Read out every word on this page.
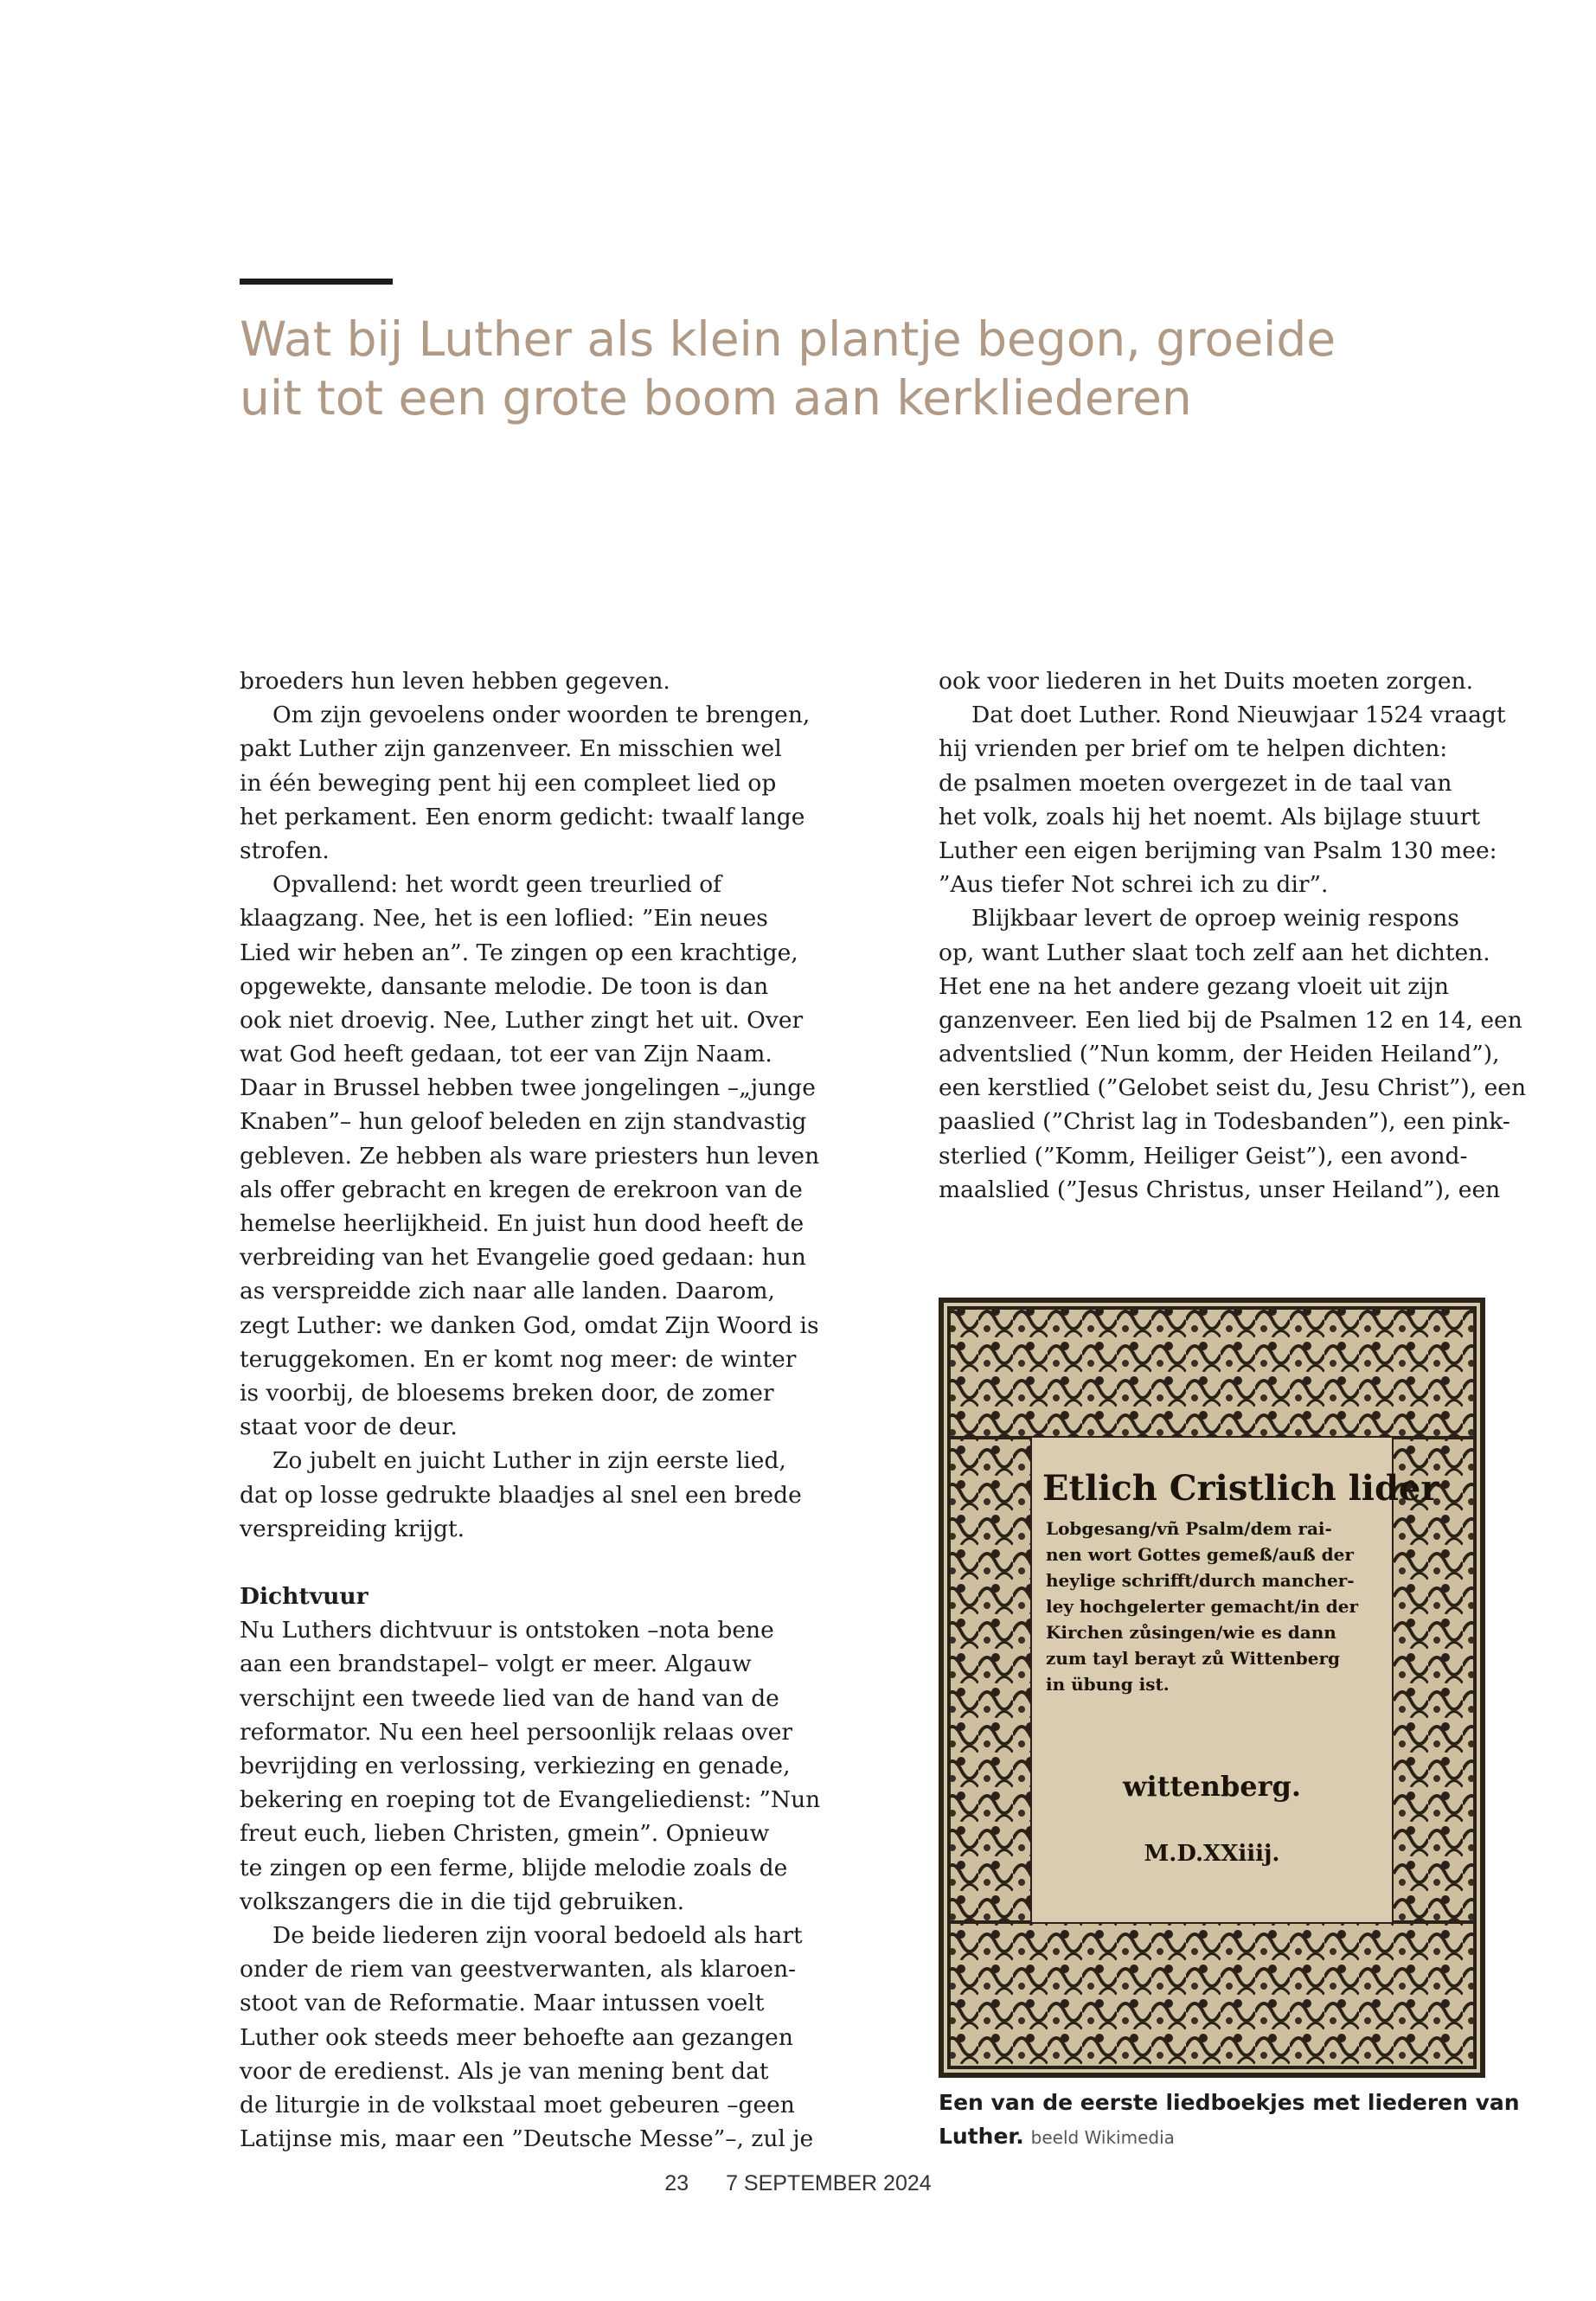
Wat bij Luther als klein plantje begon, groeide
uit tot een grote boom aan kerkliederen
broeders hun leven hebben gegeven.
Om zijn gevoelens onder woorden te brengen,
pakt Luther zijn ganzenveer. En misschien wel
in één beweging pent hij een compleet lied op
het perkament. Een enorm gedicht: twaalf lange
strofen.
Opvallend: het wordt geen treurlied of
klaagzang. Nee, het is een loflied: ”Ein neues
Lied wir heben an”. Te zingen op een krachtige,
opgewekte, dansante melodie. De toon is dan
ook niet droevig. Nee, Luther zingt het uit. Over
wat God heeft gedaan, tot eer van Zijn Naam.
Daar in Brussel hebben twee jongelingen –„junge
Knaben”– hun geloof beleden en zijn standvastig
gebleven. Ze hebben als ware priesters hun leven
als offer gebracht en kregen de erekroon van de
hemelse heerlijkheid. En juist hun dood heeft de
verbreiding van het Evangelie goed gedaan: hun
as verspreidde zich naar alle landen. Daarom,
zegt Luther: we danken God, omdat Zijn Woord is
teruggekomen. En er komt nog meer: de winter
is voorbij, de bloesems breken door, de zomer
staat voor de deur.
Zo jubelt en juicht Luther in zijn eerste lied,
dat op losse gedrukte blaadjes al snel een brede
verspreiding krijgt.
Dichtvuur
Nu Luthers dichtvuur is ontstoken –nota bene
aan een brandstapel– volgt er meer. Algauw
verschijnt een tweede lied van de hand van de
reformator. Nu een heel persoonlijk relaas over
bevrijding en verlossing, verkiezing en genade,
bekering en roeping tot de Evangeliedienst: ”Nun
freut euch, lieben Christen, gmein”. Opnieuw
te zingen op een ferme, blijde melodie zoals de
volkszangers die in die tijd gebruiken.
De beide liederen zijn vooral bedoeld als hart
onder de riem van geestverwanten, als klaroen-
stoot van de Reformatie. Maar intussen voelt
Luther ook steeds meer behoefte aan gezangen
voor de eredienst. Als je van mening bent dat
de liturgie in de volkstaal moet gebeuren –geen
Latijnse mis, maar een ”Deutsche Messe”–, zul je
ook voor liederen in het Duits moeten zorgen.
Dat doet Luther. Rond Nieuwjaar 1524 vraagt
hij vrienden per brief om te helpen dichten:
de psalmen moeten overgezet in de taal van
het volk, zoals hij het noemt. Als bijlage stuurt
Luther een eigen berijming van Psalm 130 mee:
”Aus tiefer Not schrei ich zu dir”.
Blijkbaar levert de oproep weinig respons
op, want Luther slaat toch zelf aan het dichten.
Het ene na het andere gezang vloeit uit zijn
ganzenveer. Een lied bij de Psalmen 12 en 14, een
adventslied (”Nun komm, der Heiden Heiland”),
een kerstlied (”Gelobet seist du, Jesu Christ”), een
paaslied (”Christ lag in Todesbanden”), een pink-
sterlied (”Komm, Heiliger Geist”), een avond-
maalslied (”Jesus Christus, unser Heiland”), een
Etlich Cristlich lider
Lobgesang/vñ Psalm/dem rai-
nen wort Gottes gemeß/auß der
heylige schrifft/durch mancher-
ley hochgelerter gemacht/in der
Kirchen zůsingen/wie es dann
zum tayl berayt zů Wittenberg
in übung ist.
wittenberg.
M.D.XXiiij.
Een van de eerste liedboekjes met liederen van
Luther. beeld Wikimedia
23 7 SEPTEMBER 2024
